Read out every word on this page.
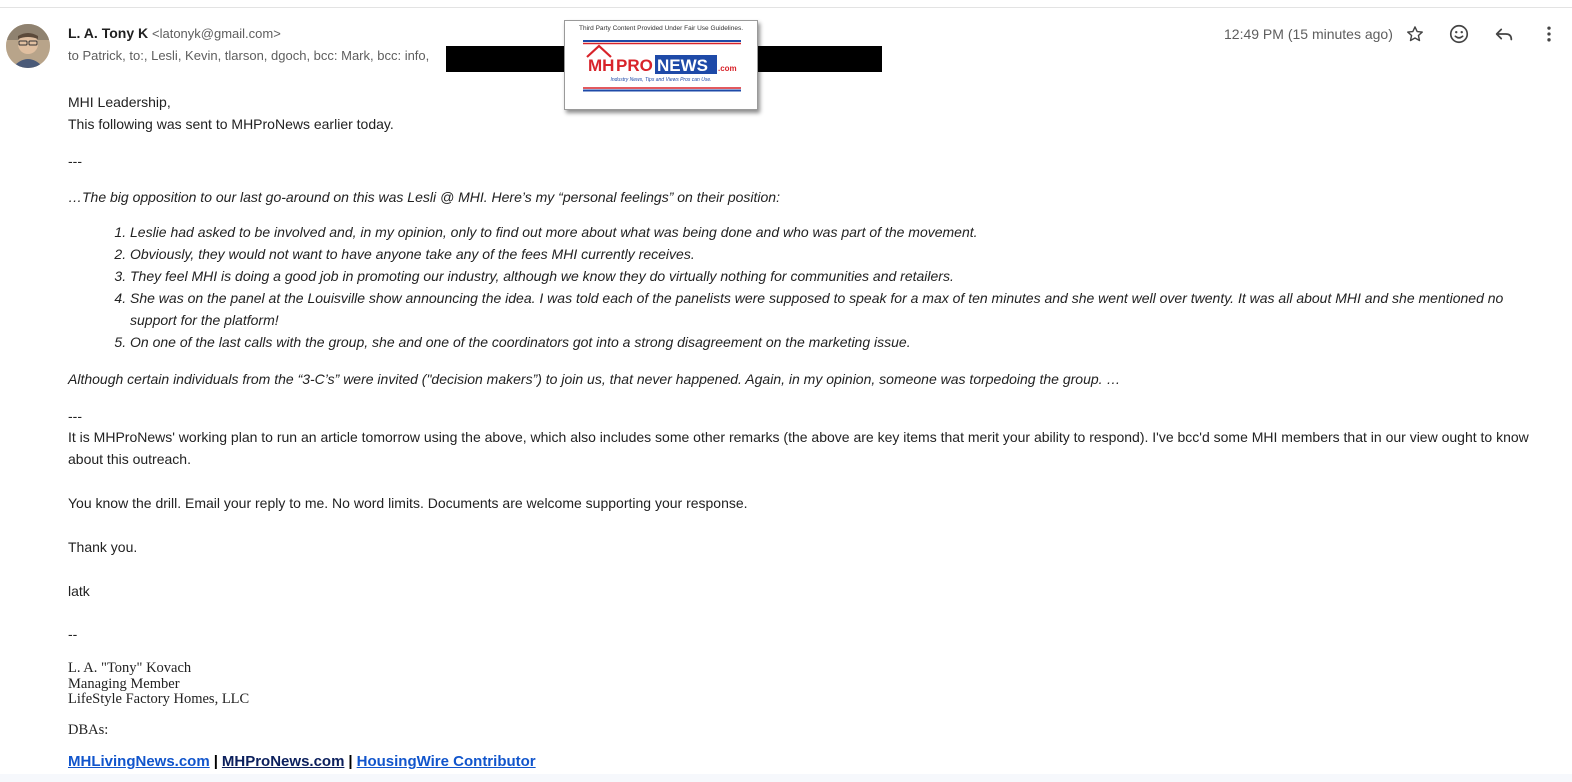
L. A. Tony K <latonyk@gmail.com>
to Patrick, to:, Lesli, Kevin, tlarson, dgoch, bcc: Mark, bcc: info,
Third Party Content Provided Under Fair Use Guidelines.
MH PRO NEWS .com
Industry News, Tips and Views Pros can Use.
12:49 PM (15 minutes ago)
MHI Leadership,
This following was sent to MHProNews earlier today.
---
…The big opposition to our last go-around on this was Lesli @ MHI. Here’s my “personal feelings” on their position:
1. Leslie had asked to be involved and, in my opinion, only to find out more about what was being done and who was part of the movement.
2. Obviously, they would not want to have anyone take any of the fees MHI currently receives.
3. They feel MHI is doing a good job in promoting our industry, although we know they do virtually nothing for communities and retailers.
4. She was on the panel at the Louisville show announcing the idea. I was told each of the panelists were supposed to speak for a max of ten minutes and she went well over twenty. It was all about MHI and she mentioned no support for the platform!
5. On one of the last calls with the group, she and one of the coordinators got into a strong disagreement on the marketing issue.
Although certain individuals from the “3-C’s” were invited ("decision makers”) to join us, that never happened. Again, in my opinion, someone was torpedoing the group. …
---
It is MHProNews' working plan to run an article tomorrow using the above, which also includes some other remarks (the above are key items that merit your ability to respond). I've bcc'd some MHI members that in our view ought to know about this outreach.
You know the drill. Email your reply to me. No word limits. Documents are welcome supporting your response.
Thank you.
latk
--
L. A. "Tony" Kovach
Managing Member
LifeStyle Factory Homes, LLC
DBAs:
MHLivingNews.com | MHProNews.com | HousingWire Contributor
